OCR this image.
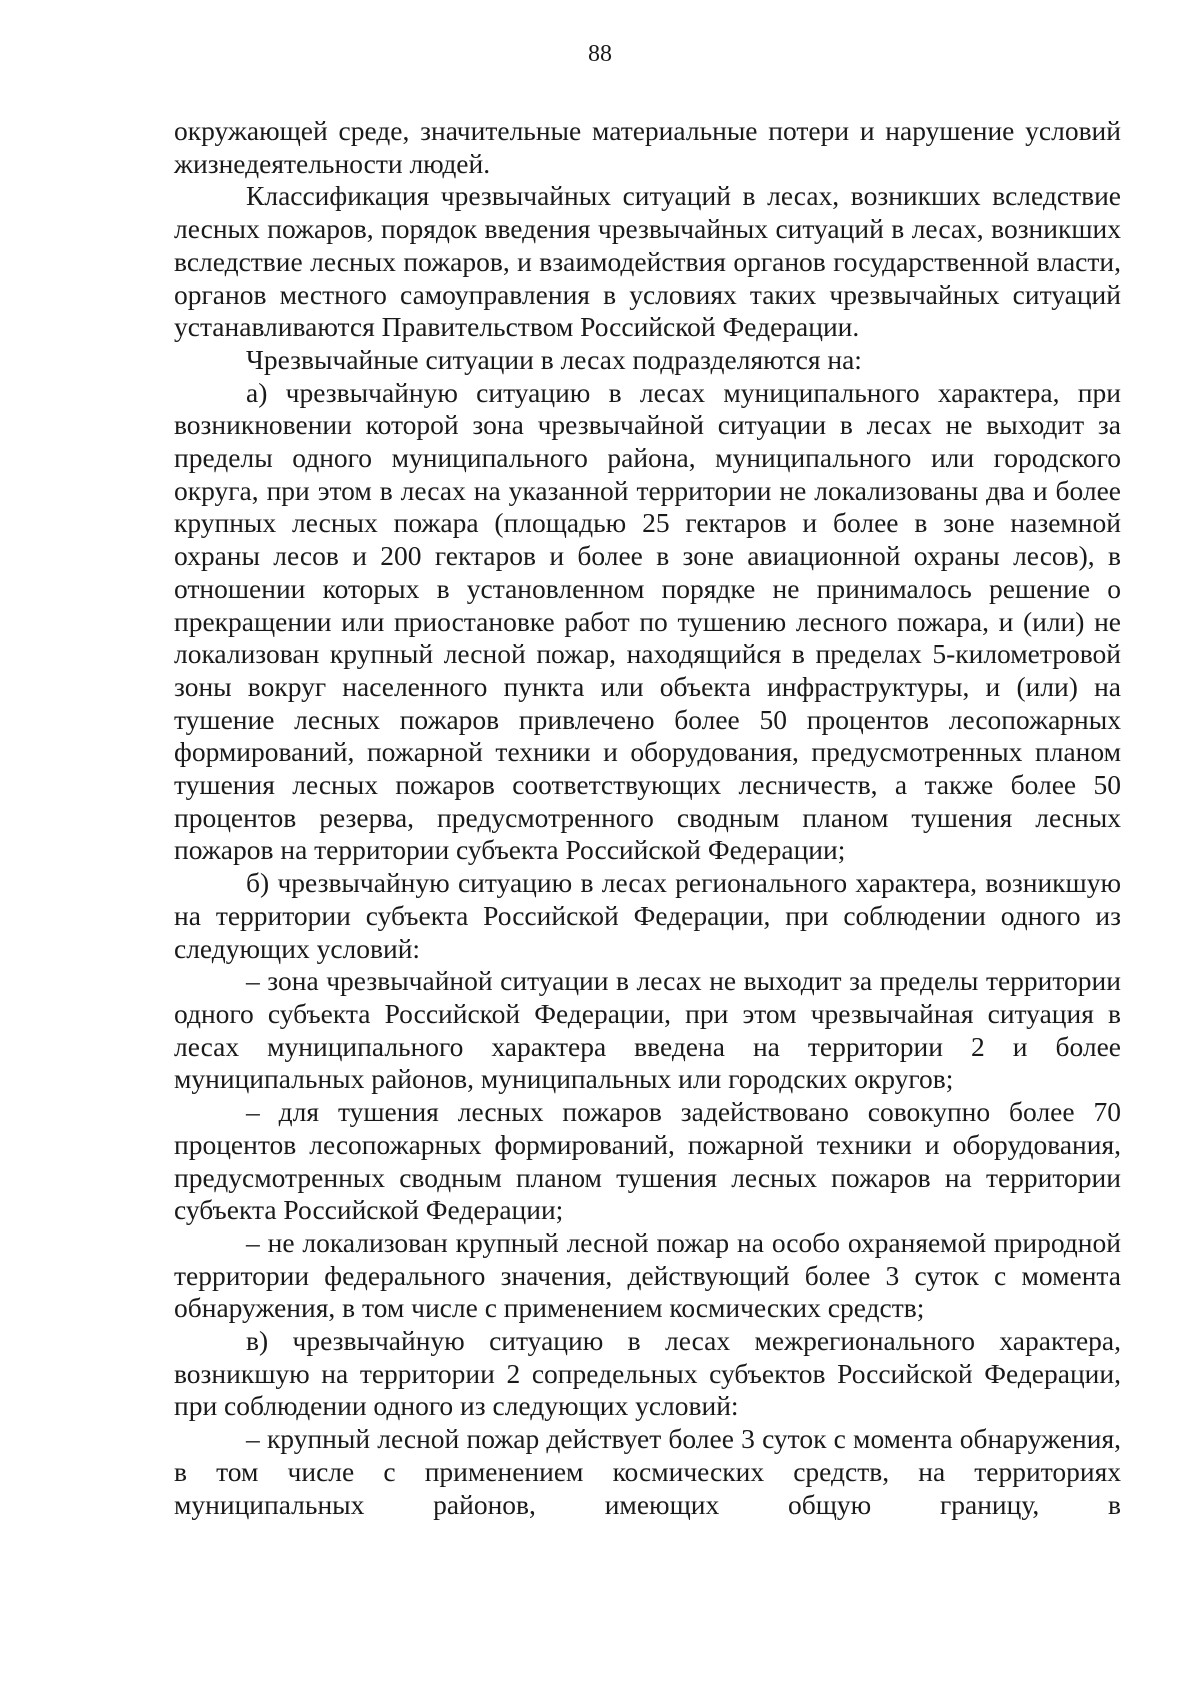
88

окружающей среде, значительные материальные потери и нарушение условий жизнедеятельности людей.

Классификация чрезвычайных ситуаций в лесах, возникших вследствие лесных пожаров, порядок введения чрезвычайных ситуаций в лесах, возникших вследствие лесных пожаров, и взаимодействия органов государственной власти, органов местного самоуправления в условиях таких чрезвычайных ситуаций устанавливаются Правительством Российской Федерации.

Чрезвычайные ситуации в лесах подразделяются на:

а) чрезвычайную ситуацию в лесах муниципального характера, при возникновении которой зона чрезвычайной ситуации в лесах не выходит за пределы одного муниципального района, муниципального или городского округа, при этом в лесах на указанной территории не локализованы два и более крупных лесных пожара (площадью 25 гектаров и более в зоне наземной охраны лесов и 200 гектаров и более в зоне авиационной охраны лесов), в отношении которых в установленном порядке не принималось решение о прекращении или приостановке работ по тушению лесного пожара, и (или) не локализован крупный лесной пожар, находящийся в пределах 5-километровой зоны вокруг населенного пункта или объекта инфраструктуры, и (или) на тушение лесных пожаров привлечено более 50 процентов лесопожарных формирований, пожарной техники и оборудования, предусмотренных планом тушения лесных пожаров соответствующих лесничеств, а также более 50 процентов резерва, предусмотренного сводным планом тушения лесных пожаров на территории субъекта Российской Федерации;

б) чрезвычайную ситуацию в лесах регионального характера, возникшую на территории субъекта Российской Федерации, при соблюдении одного из следующих условий:

– зона чрезвычайной ситуации в лесах не выходит за пределы территории одного субъекта Российской Федерации, при этом чрезвычайная ситуация в лесах муниципального характера введена на территории 2 и более муниципальных районов, муниципальных или городских округов;

– для тушения лесных пожаров задействовано совокупно более 70 процентов лесопожарных формирований, пожарной техники и оборудования, предусмотренных сводным планом тушения лесных пожаров на территории субъекта Российской Федерации;

– не локализован крупный лесной пожар на особо охраняемой природной территории федерального значения, действующий более 3 суток с момента обнаружения, в том числе с применением космических средств;

в) чрезвычайную ситуацию в лесах межрегионального характера, возникшую на территории 2 сопредельных субъектов Российской Федерации, при соблюдении одного из следующих условий:

– крупный лесной пожар действует более 3 суток с момента обнаружения, в том числе с применением космических средств, на территориях муниципальных районов, имеющих общую границу, в
